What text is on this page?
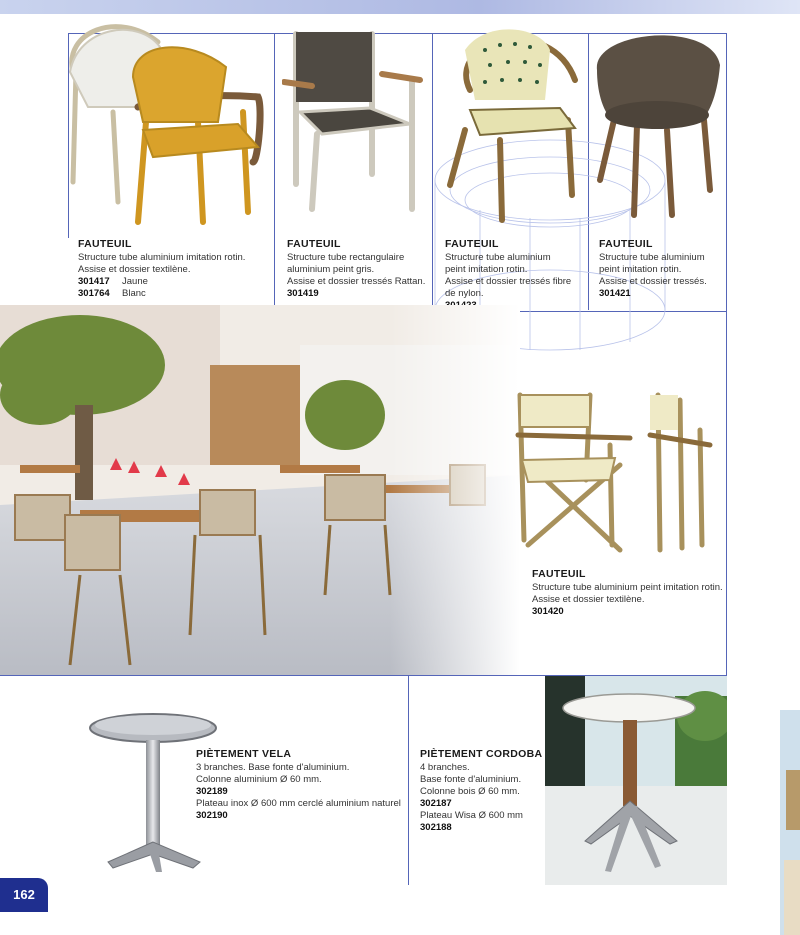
FAUTEUIL
Structure tube aluminium imitation rotin.
Assise et dossier textilène.
301417 Jaune
301764 Blanc
FAUTEUIL
Structure tube rectangulaire
aluminium peint gris.
Assise et dossier tressés Rattan.
301419
FAUTEUIL
Structure tube aluminium
peint imitation rotin.
Assise et dossier tressés fibre
de nylon.
FAUTEUIL
Structure tube aluminium
peint imitation rotin.
Assise et dossier tressés.
301421
FAUTEUIL
Structure tube aluminium peint imitation rotin.
Assise et dossier textilène.
301420
PIÈTEMENT VELA
3 branches. Base fonte d'aluminium.
Colonne aluminium Ø 60 mm.
302189
Plateau inox Ø 600 mm cerclé aluminium naturel
302190
PIÈTEMENT CORDOBA
4 branches.
Base fonte d'aluminium.
Colonne bois Ø 60 mm.
302187
Plateau Wisa Ø 600 mm
302188
162
